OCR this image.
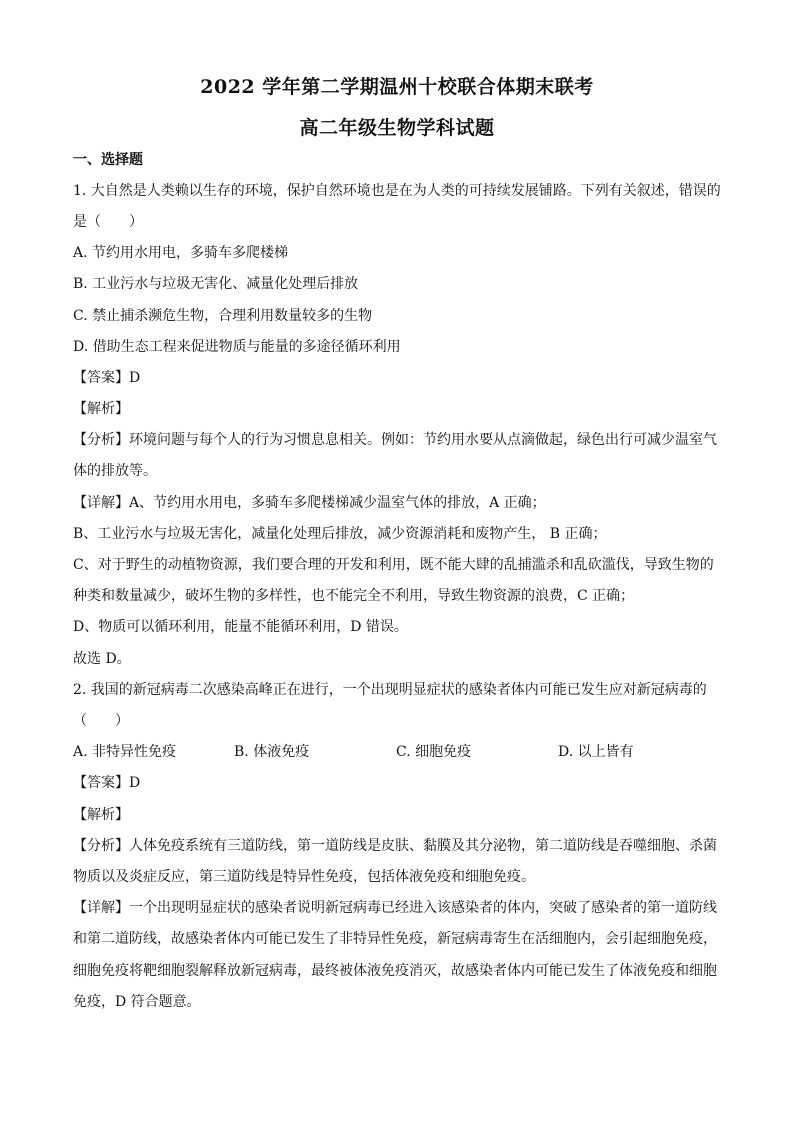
2022 学年第二学期温州十校联合体期末联考
高二年级生物学科试题
一、选择题
1. 大自然是人类赖以生存的环境，保护自然环境也是在为人类的可持续发展铺路。下列有关叙述，错误的
是（　　）
A. 节约用水用电，多骑车多爬楼梯
B. 工业污水与垃圾无害化、减量化处理后排放
C. 禁止捕杀濒危生物，合理利用数量较多的生物
D. 借助生态工程来促进物质与能量的多途径循环利用
【答案】D
【解析】
【分析】环境问题与每个人的行为习惯息息相关。例如：节约用水要从点滴做起，绿色出行可减少温室气
体的排放等。
【详解】A、节约用水用电，多骑车多爬楼梯减少温室气体的排放，A 正确；
B、工业污水与垃圾无害化，减量化处理后排放，减少资源消耗和废物产生， B 正确；
C、对于野生的动植物资源，我们要合理的开发和利用，既不能大肆的乱捕滥杀和乱砍滥伐，导致生物的
种类和数量减少，破坏生物的多样性，也不能完全不利用，导致生物资源的浪费，C 正确；
D、物质可以循环利用，能量不能循环利用，D 错误。
故选 D。
2. 我国的新冠病毒二次感染高峰正在进行，一个出现明显症状的感染者体内可能已发生应对新冠病毒的
（　　）
A. 非特异性免疫	B. 体液免疫	C. 细胞免疫	D. 以上皆有
【答案】D
【解析】
【分析】人体免疫系统有三道防线，第一道防线是皮肤、黏膜及其分泌物，第二道防线是吞噬细胞、杀菌
物质以及炎症反应，第三道防线是特异性免疫，包括体液免疫和细胞免疫。
【详解】一个出现明显症状的感染者说明新冠病毒已经进入该感染者的体内，突破了感染者的第一道防线
和第二道防线，故感染者体内可能已发生了非特异性免疫，新冠病毒寄生在活细胞内，会引起细胞免疫，
细胞免疫将靶细胞裂解释放新冠病毒，最终被体液免疫消灭，故感染者体内可能已发生了体液免疫和细胞
免疫，D 符合题意。
